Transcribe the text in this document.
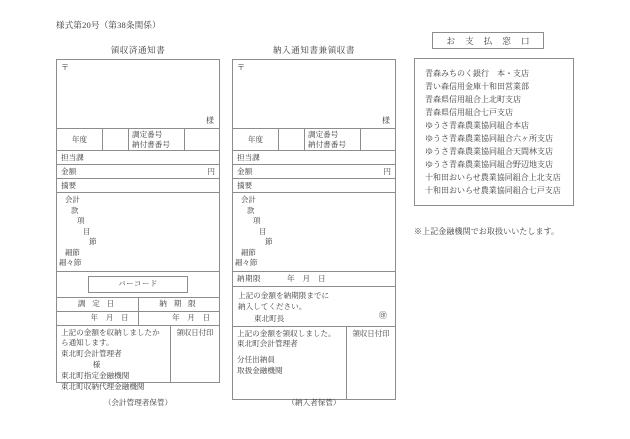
様式第20号（第38条関係）
領収済通知書
〒
様
年度
調定番号
納付書番号
担当課
金額	円
摘要
会計
款
項
目
節
細節
細々節
バーコード
調 定 日	納 期 限
年 月 日	年 月 日
上記の金額を収納しましたか
ら通知します。
東北町会計管理者
様
東北町指定金融機関
東北町収納代理金融機関
領収日付印
（会計管理者保管）
納入通知書兼領収書
〒
様
年度
調定番号
納付書番号
担当課
金額	円
摘要
会計
款
項
目
節
細節
細々節
納期限	年 月 日
上記の金額を納期限までに
納入してください。
東北町長	㊞
上記の金額を領収しました。
東北町会計管理者
分任出納員
取扱金融機関
領収日付印
（納入者保管）
お 支 払 窓 口
青森みちのく銀行　本・支店
青い森信用金庫十和田営業部
青森県信用組合上北町支店
青森県信用組合七戸支店
ゆうさ青森農業協同組合本店
ゆうさ青森農業協同組合六ヶ所支店
ゆうさ青森農業協同組合天間林支店
ゆうさ青森農業協同組合野辺地支店
十和田おいらせ農業協同組合上北支店
十和田おいらせ農業協同組合七戸支店
※上記金融機関でお取扱いいたします。
